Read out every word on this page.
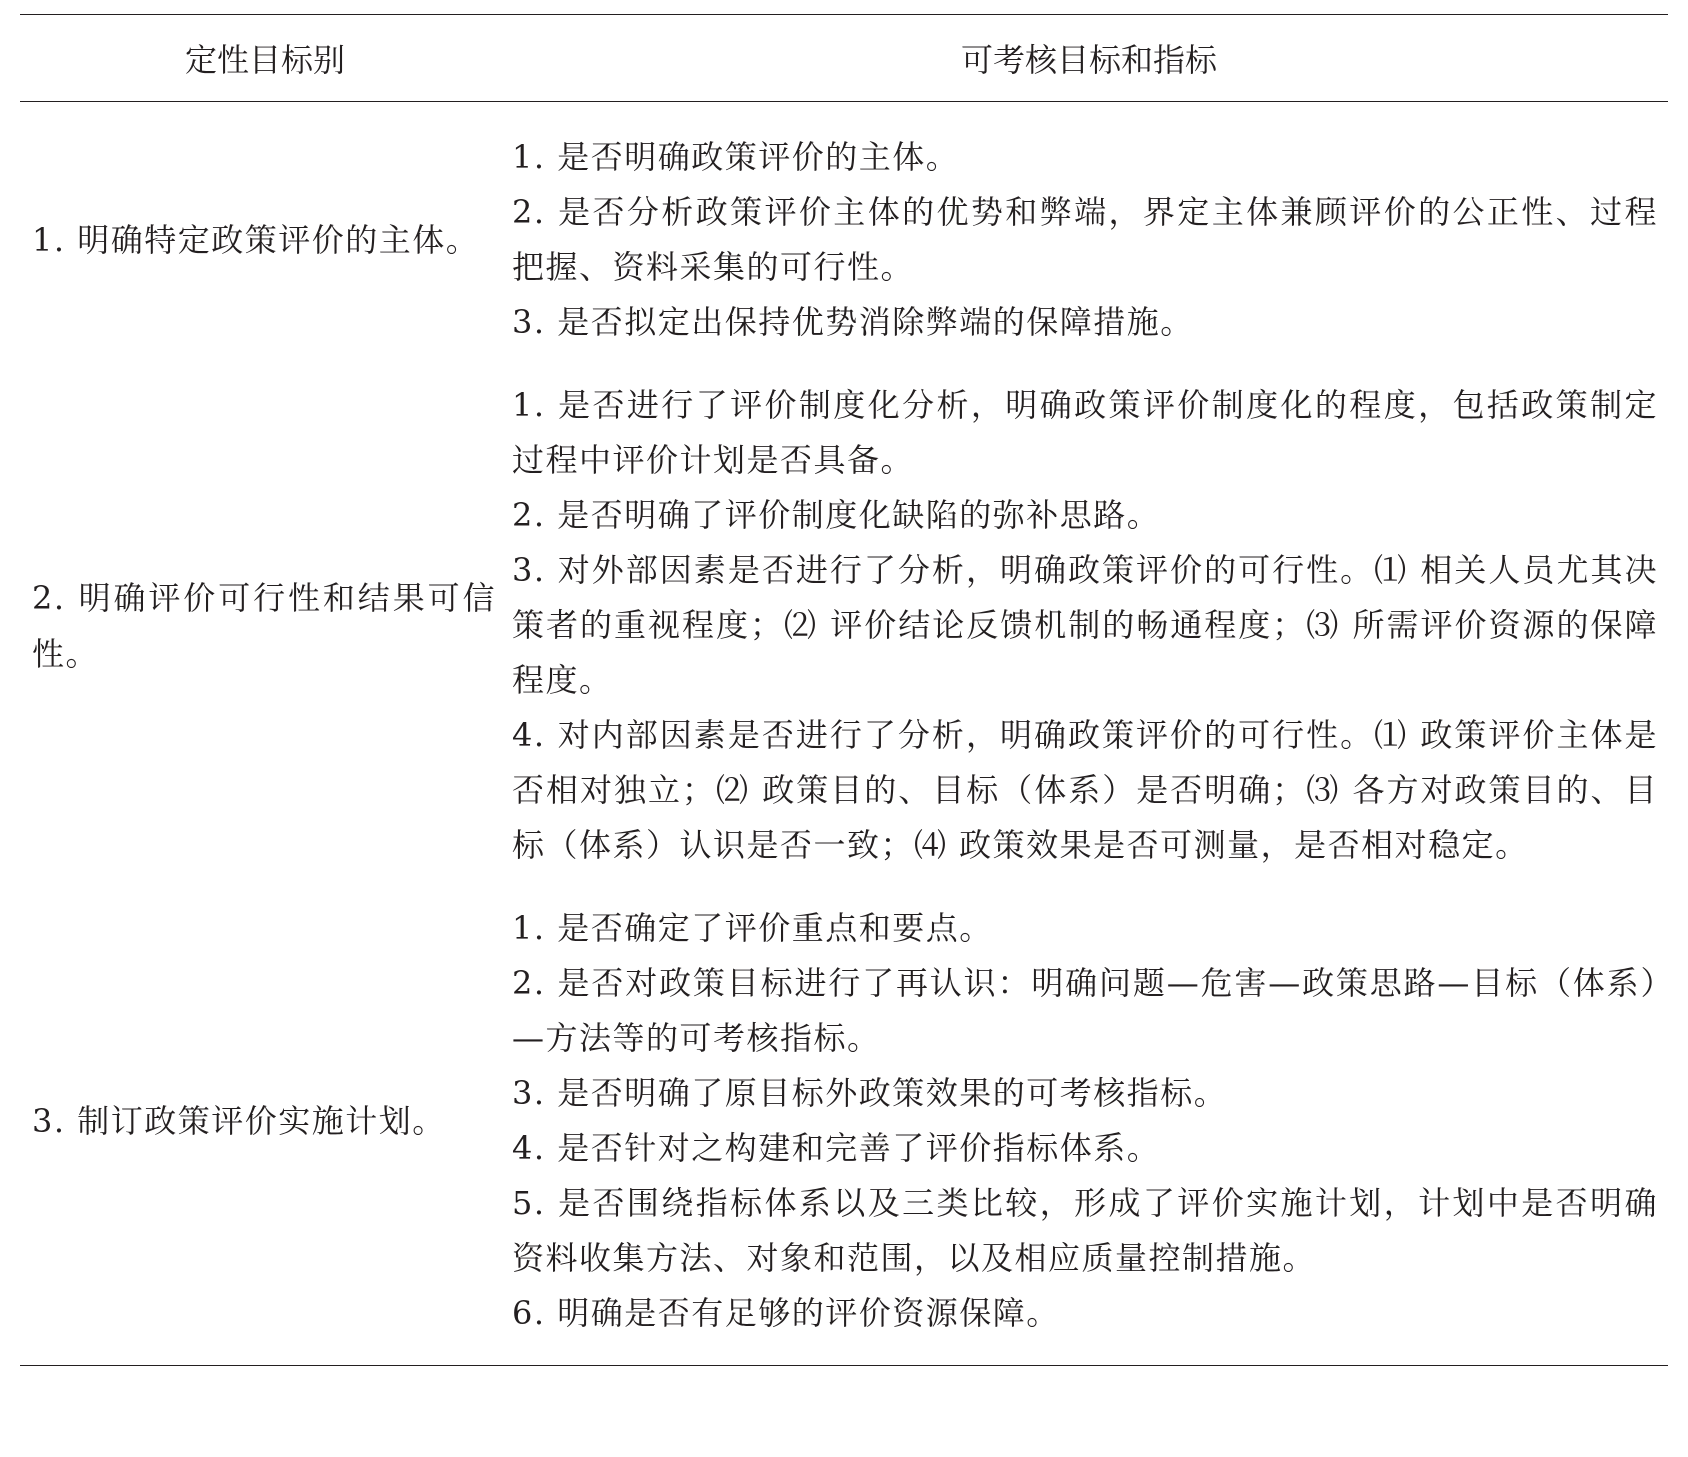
定性目标别	可考核目标和指标
1. 明确特定政策评价的主体。
1. 是否明确政策评价的主体。
2. 是否分析政策评价主体的优势和弊端，界定主体兼顾评价的公正性、过程把握、资料采集的可行性。
3. 是否拟定出保持优势消除弊端的保障措施。
2. 明确评价可行性和结果可信性。
1. 是否进行了评价制度化分析，明确政策评价制度化的程度，包括政策制定过程中评价计划是否具备。
2. 是否明确了评价制度化缺陷的弥补思路。
3. 对外部因素是否进行了分析，明确政策评价的可行性。⑴ 相关人员尤其决策者的重视程度；⑵ 评价结论反馈机制的畅通程度；⑶ 所需评价资源的保障程度。
4. 对内部因素是否进行了分析，明确政策评价的可行性。⑴ 政策评价主体是否相对独立；⑵ 政策目的、目标（体系）是否明确；⑶ 各方对政策目的、目标（体系）认识是否一致；⑷ 政策效果是否可测量，是否相对稳定。
3. 制订政策评价实施计划。
1. 是否确定了评价重点和要点。
2. 是否对政策目标进行了再认识：明确问题—危害—政策思路—目标（体系）—方法等的可考核指标。
3. 是否明确了原目标外政策效果的可考核指标。
4. 是否针对之构建和完善了评价指标体系。
5. 是否围绕指标体系以及三类比较，形成了评价实施计划，计划中是否明确资料收集方法、对象和范围，以及相应质量控制措施。
6. 明确是否有足够的评价资源保障。
